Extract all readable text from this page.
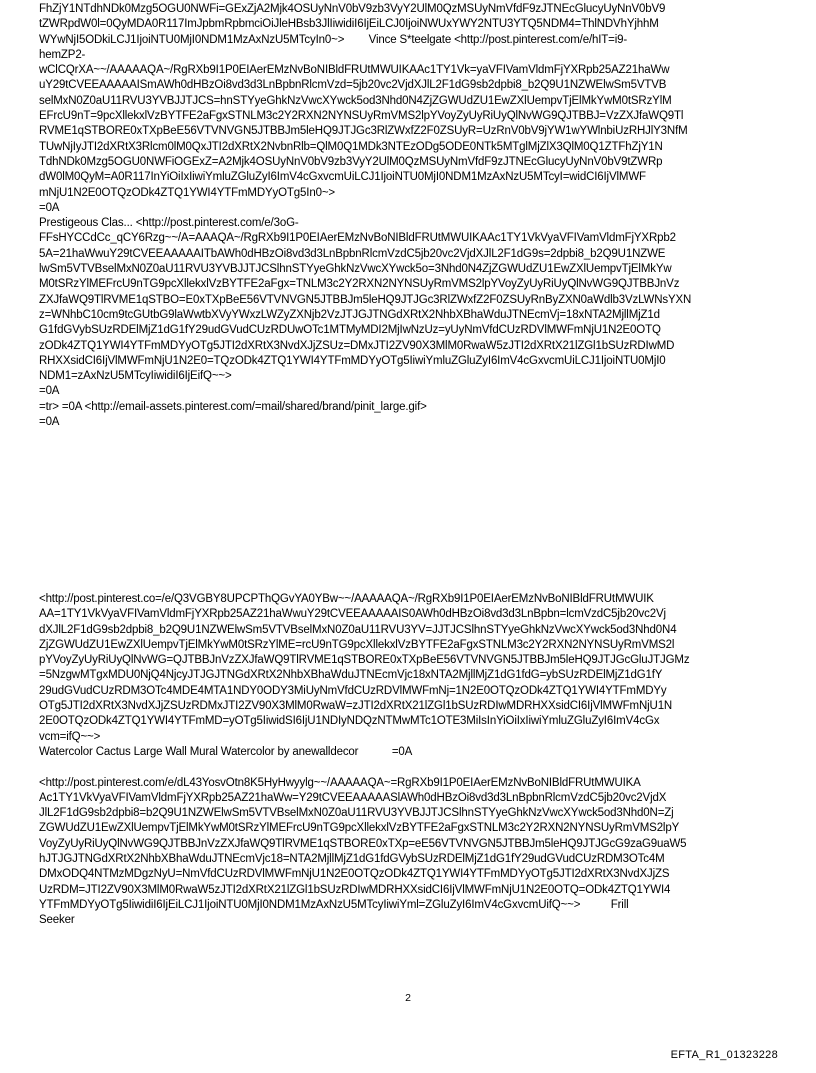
FhZjY1NTdhNDk0Mzg5OGU0NWFi=GExZjA2Mjk4OSUyNnV0bV9zb3VyY2UlM0QzMSUyNmVfdF9zJTNEcGlucyUyNnV0bV9
tZWRpdW0l=0QyMDA0R117ImJpbmRpbmciOiJleHBsb3JlIiwidiI6IjEiLCJ0IjoiNWUxYWY2NTU3YTQ5NDM4=ThlNDVhYjhhM
WYwNjI5ODkiLCJ1IjoiNTU0MjI0NDM1MzAxNzU5MTcyIn0~>        Vince S*teelgate <http://post.pinterest.com/e/hIT=i9-
hemZP2-
wClCQrXA~~/AAAAAQA~/RgRXb9I1P0EIAerEMzNvBoNIBldFRUtMWUIKAAc1TY1Vk=yaVFIVamVldmFjYXRpb25AZ21haWw
uY29tCVEEAAAAAISmAWh0dHBzOi8vd3d3LnBpbnRlcmVzd=5jb20vc2VjdXJlL2F1dG9sb2dpbi8_b2Q9U1NZWElwSm5VTVB
selMxN0Z0aU11RVU3YVBJJTJCS=hnSTYyeGhkNzVwcXYwck5od3Nhd0N4ZjZGWUdZU1EwZXlUempvTjElMkYwM0tSRzYlM
EFrcU9nT=9pcXllekxlVzBYTFE2aFgxSTNLM3c2Y2RXN2NYNSUyRmVMS2lpYVoyZyUyRiUyQlNvWG9QJTBBJ=VzZXJfaWQ9Tl
RVME1qSTBORE0xTXpBeE56VTVNVGN5JTBBJm5leHQ9JTJGc3RlZWxfZ2F0ZSUyR=UzRnV0bV9jYW1wYWlnbiUzRHJlY3NfM
TUwNjIyJTI2dXRtX3Rlcm0lM0QxJTI2dXRtX2NvbnRlb=QlM0Q1MDk3NTEzODg5ODE0NTk5MTglMjZlX3QlM0Q1ZTFhZjY1N
TdhNDk0Mzg5OGU0NWFiOGExZ=A2Mjk4OSUyNnV0bV9zb3VyY2UlM0QzMSUyNmVfdF9zJTNEcGlucyUyNnV0bV9tZWRp
dW0lM0QyM=A0R117InYiOiIxIiwiYmluZGluZyI6ImV4cGxvcmUiLCJ1IjoiNTU0MjI0NDM1MzAxNzU5MTcyI=widCI6IjVlMWF
mNjU1N2E0OTQzODk4ZTQ1YWI4YTFmMDYyOTg5In0~>
=0A
Prestigeous Clas... <http://post.pinterest.com/e/3oG-
FFsHYCCdCc_qCY6Rzg~~/A=AAAQA~/RgRXb9I1P0EIAerEMzNvBoNIBldFRUtMWUIKAAc1TY1VkVyaVFIVamVldmFjYXRpb2
5A=21haWwuY29tCVEEAAAAAITbAWh0dHBzOi8vd3d3LnBpbnRlcmVzdC5jb20vc2VjdXJlL2F1dG9s=2dpbi8_b2Q9U1NZWE
lwSm5VTVBselMxN0Z0aU11RVU3YVBJJTJCSlhnSTYyeGhkNzVwcXYwck5o=3Nhd0N4ZjZGWUdZU1EwZXlUempvTjElMkYw
M0tSRzYlMEFrcU9nTG9pcXllekxlVzBYTFE2aFgx=TNLM3c2Y2RXN2NYNSUyRmVMS2lpYVoyZyUyRiUyQlNvWG9QJTBBJnVz
ZXJfaWQ9TlRVME1qSTBO=E0xTXpBeE56VTVNVGN5JTBBJm5leHQ9JTJGc3RlZWxfZ2F0ZSUyRnByZXN0aWdlb3VzLWNsYXN
z=WNhbC10cm9tcGUtbG9laWwtbXVyYWxzLWZyZXNjb2VzJTJGJTNGdXRtX2NhbXBhaWduJTNEcmVj=18xNTA2MjllMjZ1d
G1fdGVybSUzRDElMjZ1dG1fY29udGVudCUzRDUwOTc1MTMyMDI2MjIwNzUz=yUyNmVfdCUzRDVlMWFmNjU1N2E0OTQ
zODk4ZTQ1YWI4YTFmMDYyOTg5JTI2dXRtX3NvdXJjZSUz=DMxJTI2ZV90X3MlM0RwaW5zJTI2dXRtX21lZGl1bSUzRDIwMD
RHXXsidCI6IjVlMWFmNjU1N2E0=TQzODk4ZTQ1YWI4YTFmMDYyOTg5IiwiYmluZGluZyI6ImV4cGxvcmUiLCJ1IjoiNTU0MjI0
NDM1=zAxNzU5MTcyIiwidiI6IjEifQ~~>
=0A
=tr> =0A <http://email-assets.pinterest.com/=mail/shared/brand/pinit_large.gif>
=0A
<http://post.pinterest.co=/e/Q3VGBY8UPCPThQGvYA0YBw~~/AAAAAQA~/RgRXb9I1P0EIAerEMzNvBoNIBldFRUtMWUIK
AA=1TY1VkVyaVFIVamVldmFjYXRpb25AZ21haWwuY29tCVEEAAAAAIS0AWh0dHBzOi8vd3d3LnBpbn=lcmVzdC5jb20vc2Vj
dXJlL2F1dG9sb2dpbi8_b2Q9U1NZWElwSm5VTVBselMxN0Z0aU11RVU3YV=JJTJCSlhnSTYyeGhkNzVwcXYwck5od3Nhd0N4
ZjZGWUdZU1EwZXlUempvTjElMkYwM0tSRzYlME=rcU9nTG9pcXllekxlVzBYTFE2aFgxSTNLM3c2Y2RXN2NYNSUyRmVMS2l
pYVoyZyUyRiUyQlNvWG=QJTBBJnVzZXJfaWQ9TlRVME1qSTBORE0xTXpBeE56VTVNVGN5JTBBJm5leHQ9JTJGcGluJTJGMz
=5NzgwMTgxMDU0NjQ4NjcyJTJGJTNGdXRtX2NhbXBhaWduJTNEcmVjc18xNTA2MjllMjZ1dG1fdG=ybSUzRDElMjZ1dG1fY
29udGVudCUzRDM3OTc4MDE4MTA1NDY0ODY3MiUyNmVfdCUzRDVlMWFmNj=1N2E0OTQzODk4ZTQ1YWI4YTFmMDYy
OTg5JTI2dXRtX3NvdXJjZSUzRDMxJTI2ZV90X3MlM0RwaW=zJTI2dXRtX21lZGl1bSUzRDIwMDRHXXsidCI6IjVlMWFmNjU1N
2E0OTQzODk4ZTQ1YWI4YTFmMD=yOTg5IiwidSI6IjU1NDIyNDQzNTMwMTc1OTE3MiIsInYiOiIxIiwiYmluZGluZyI6ImV4cGx
vcm=ifQ~~>
Watercolor Cactus Large Wall Mural Watercolor by anewalldecor           =0A
<http://post.pinterest.com/e/dL43YosvOtn8K5HyHwyylg~~/AAAAAQA~=RgRXb9I1P0EIAerEMzNvBoNIBldFRUtMWUIKA
Ac1TY1VkVyaVFIVamVldmFjYXRpb25AZ21haWw=Y29tCVEEAAAAASlAWh0dHBzOi8vd3d3LnBpbnRlcmVzdC5jb20vc2VjdX
JlL2F1dG9sb2dpbi8=b2Q9U1NZWElwSm5VTVBselMxN0Z0aU11RVU3YVBJJTJCSlhnSTYyeGhkNzVwcXYwck5od3Nhd0N=Zj
ZGWUdZU1EwZXlUempvTjElMkYwM0tSRzYlMEFrcU9nTG9pcXllekxlVzBYTFE2aFgxSTNLM3c2Y2RXN2NYNSUyRmVMS2lpY
VoyZyUyRiUyQlNvWG9QJTBBJnVzZXJfaWQ9TlRVME1qSTBORE0xTXp=eE56VTVNVGN5JTBBJm5leHQ9JTJGcG9zaG9uaW5
hJTJGJTNGdXRtX2NhbXBhaWduJTNEcmVjc18=NTA2MjllMjZ1dG1fdGVybSUzRDElMjZ1dG1fY29udGVudCUzRDM3OTc4M
DMxODQ4NTMzMDgzNyU=NmVfdCUzRDVlMWFmNjU1N2E0OTQzODk4ZTQ1YWI4YTFmMDYyOTg5JTI2dXRtX3NvdXJjZS
UzRDM=JTI2ZV90X3MlM0RwaW5zJTI2dXRtX21lZGl1bSUzRDIwMDRHXXsidCI6IjVlMWFmNjU1N2E0OTQ=ODk4ZTQ1YWI4
YTFmMDYyOTg5IiwidiI6IjEiLCJ1IjoiNTU0MjI0NDM1MzAxNzU5MTcyIiwiYml=ZGluZyI6ImV4cGxvcmUifQ~~>          Frill
Seeker
2
EFTA_R1_01323228
